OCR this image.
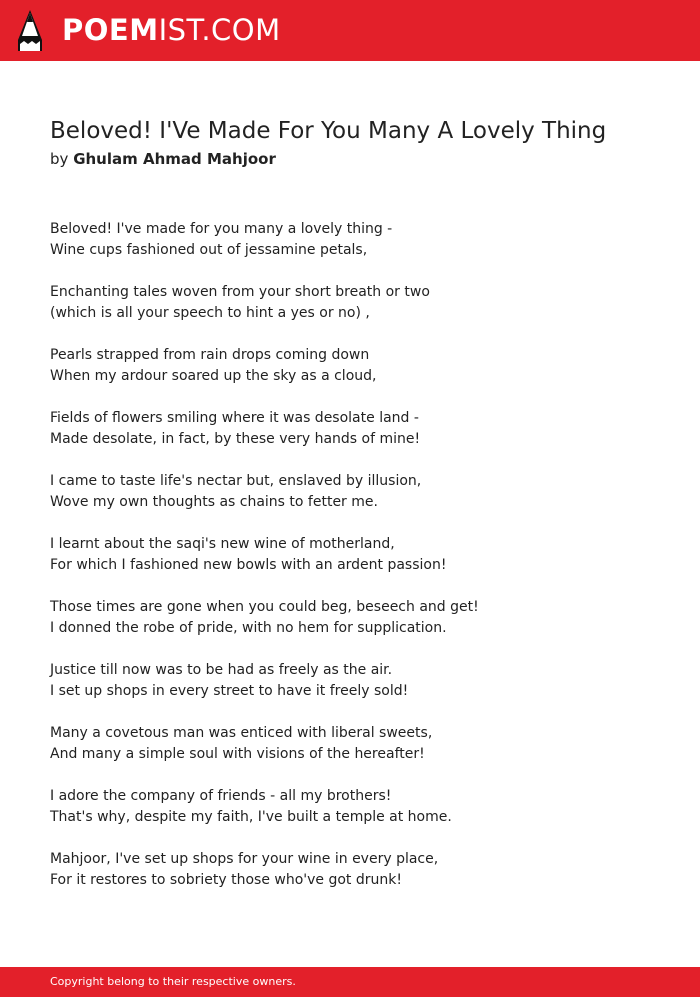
POEMIST.COM
Beloved! I'Ve Made For You Many A Lovely Thing
by Ghulam Ahmad Mahjoor
Beloved! I've made for you many a lovely thing -
Wine cups fashioned out of jessamine petals,
Enchanting tales woven from your short breath or two
(which is all your speech to hint a yes or no) ,
Pearls strapped from rain drops coming down
When my ardour soared up the sky as a cloud,
Fields of flowers smiling where it was desolate land -
Made desolate, in fact, by these very hands of mine!
I came to taste life's nectar but, enslaved by illusion,
Wove my own thoughts as chains to fetter me.
I learnt about the saqi's new wine of motherland,
For which I fashioned new bowls with an ardent passion!
Those times are gone when you could beg, beseech and get!
I donned the robe of pride, with no hem for supplication.
Justice till now was to be had as freely as the air.
I set up shops in every street to have it freely sold!
Many a covetous man was enticed with liberal sweets,
And many a simple soul with visions of the hereafter!
I adore the company of friends - all my brothers!
That's why, despite my faith, I've built a temple at home.
Mahjoor, I've set up shops for your wine in every place,
For it restores to sobriety those who've got drunk!
Copyright belong to their respective owners.
